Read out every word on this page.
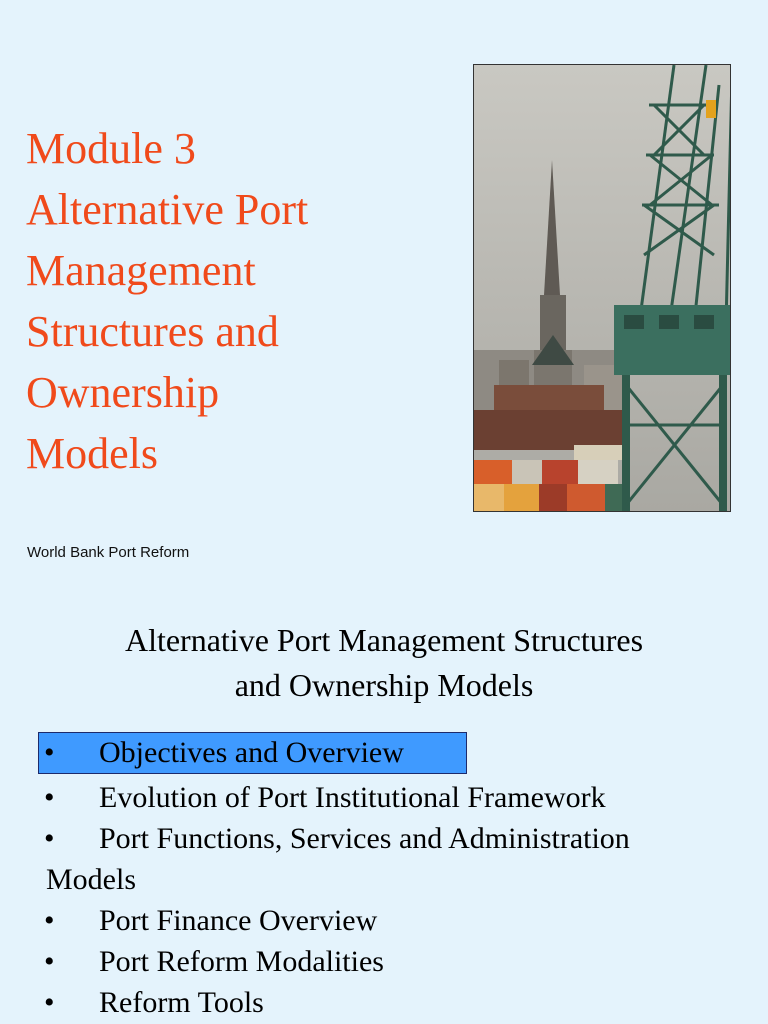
Module 3
Alternative Port
Management
Structures and
Ownership
Models
World Bank Port Reform
Alternative Port Management Structures
and Ownership Models
• Objectives and Overview
• Evolution of Port Institutional Framework
• Port Functions, Services and Administration
Models
• Port Finance Overview
• Port Reform Modalities
• Reform Tools
